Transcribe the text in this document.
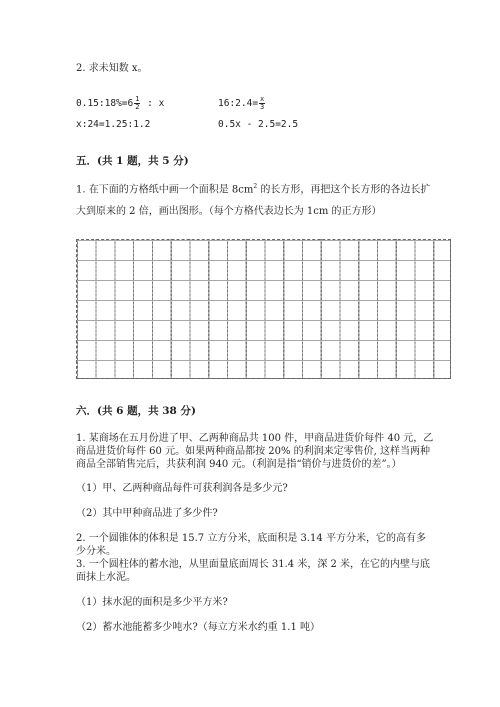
2. 求未知数 x。

0.15:18%=6 $\frac{1}{2}$ : x	16:2.4= $\frac{x}{3}$

x:24=1.25:1.2	0.5x - 2.5=2.5

五．(共 1 题，共 5 分)

1. 在下面的方格纸中画一个面积是 $8cm^2$ 的长方形，再把这个长方形的各边长扩

大到原来的 2 倍，画出图形。（每个方格代表边长为 1cm 的正方形）

六．(共 6 题，共 38 分)

1. 某商场在五月份进了甲、乙两种商品共 100 件，甲商品进货价每件 40 元，乙

商品进货价每件 60 元。如果两种商品都按 20% 的利润来定零售价, 这样当两种

商品全部销售完后，共获利润 940 元。（利润是指“销价与进货价的差”。）

（1）甲、乙两种商品每件可获利润各是多少元?

（2）其中甲种商品进了多少件?

2. 一个圆锥体的体积是 15.7 立方分米，底面积是 3.14 平方分米，它的高有多

少分米。

3. 一个圆柱体的蓄水池，从里面量底面周长 31.4 米，深 2 米，在它的内壁与底

面抹上水泥。

（1）抹水泥的面积是多少平方米?

（2）蓄水池能蓄多少吨水?（每立方米水约重 1.1 吨）
